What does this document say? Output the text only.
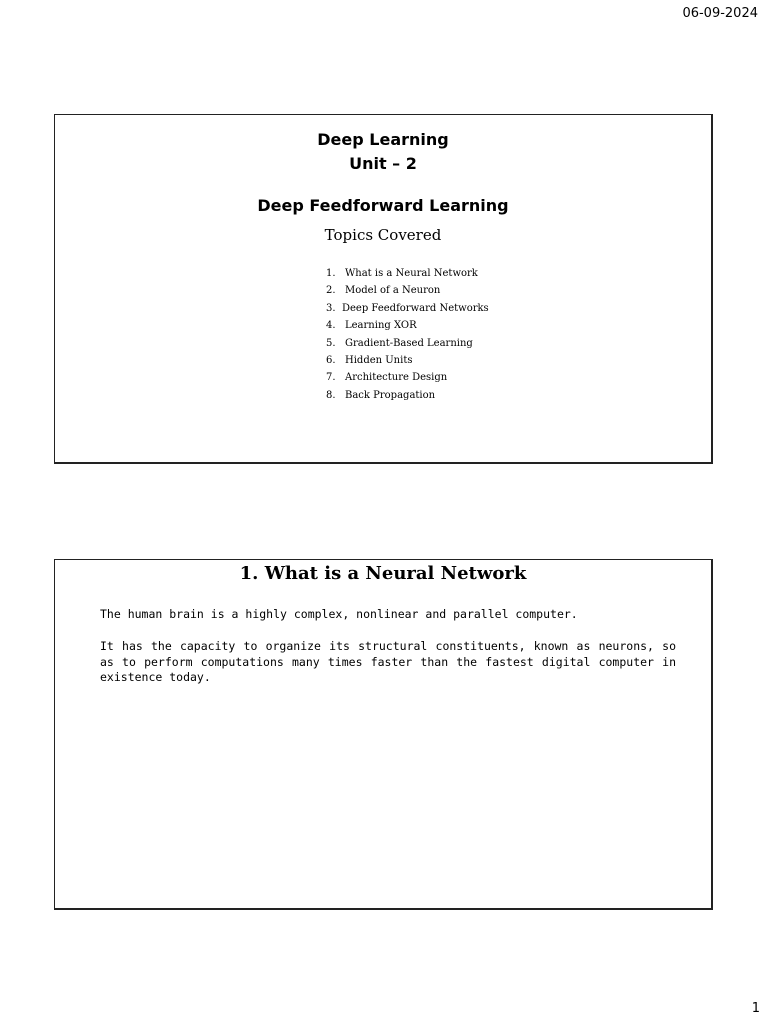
06-09-2024
Deep Learning
Unit – 2
Deep Feedforward Learning
Topics Covered
1. What is a Neural Network
2. Model of a Neuron
3. Deep Feedforward Networks
4. Learning XOR
5. Gradient-Based Learning
6. Hidden Units
7. Architecture Design
8. Back Propagation
1. What is a Neural Network

The human brain is a highly complex, nonlinear and parallel computer.

It has the capacity to organize its structural constituents, known as neurons, so as to perform computations many times faster than the fastest digital computer in existence today.

1
